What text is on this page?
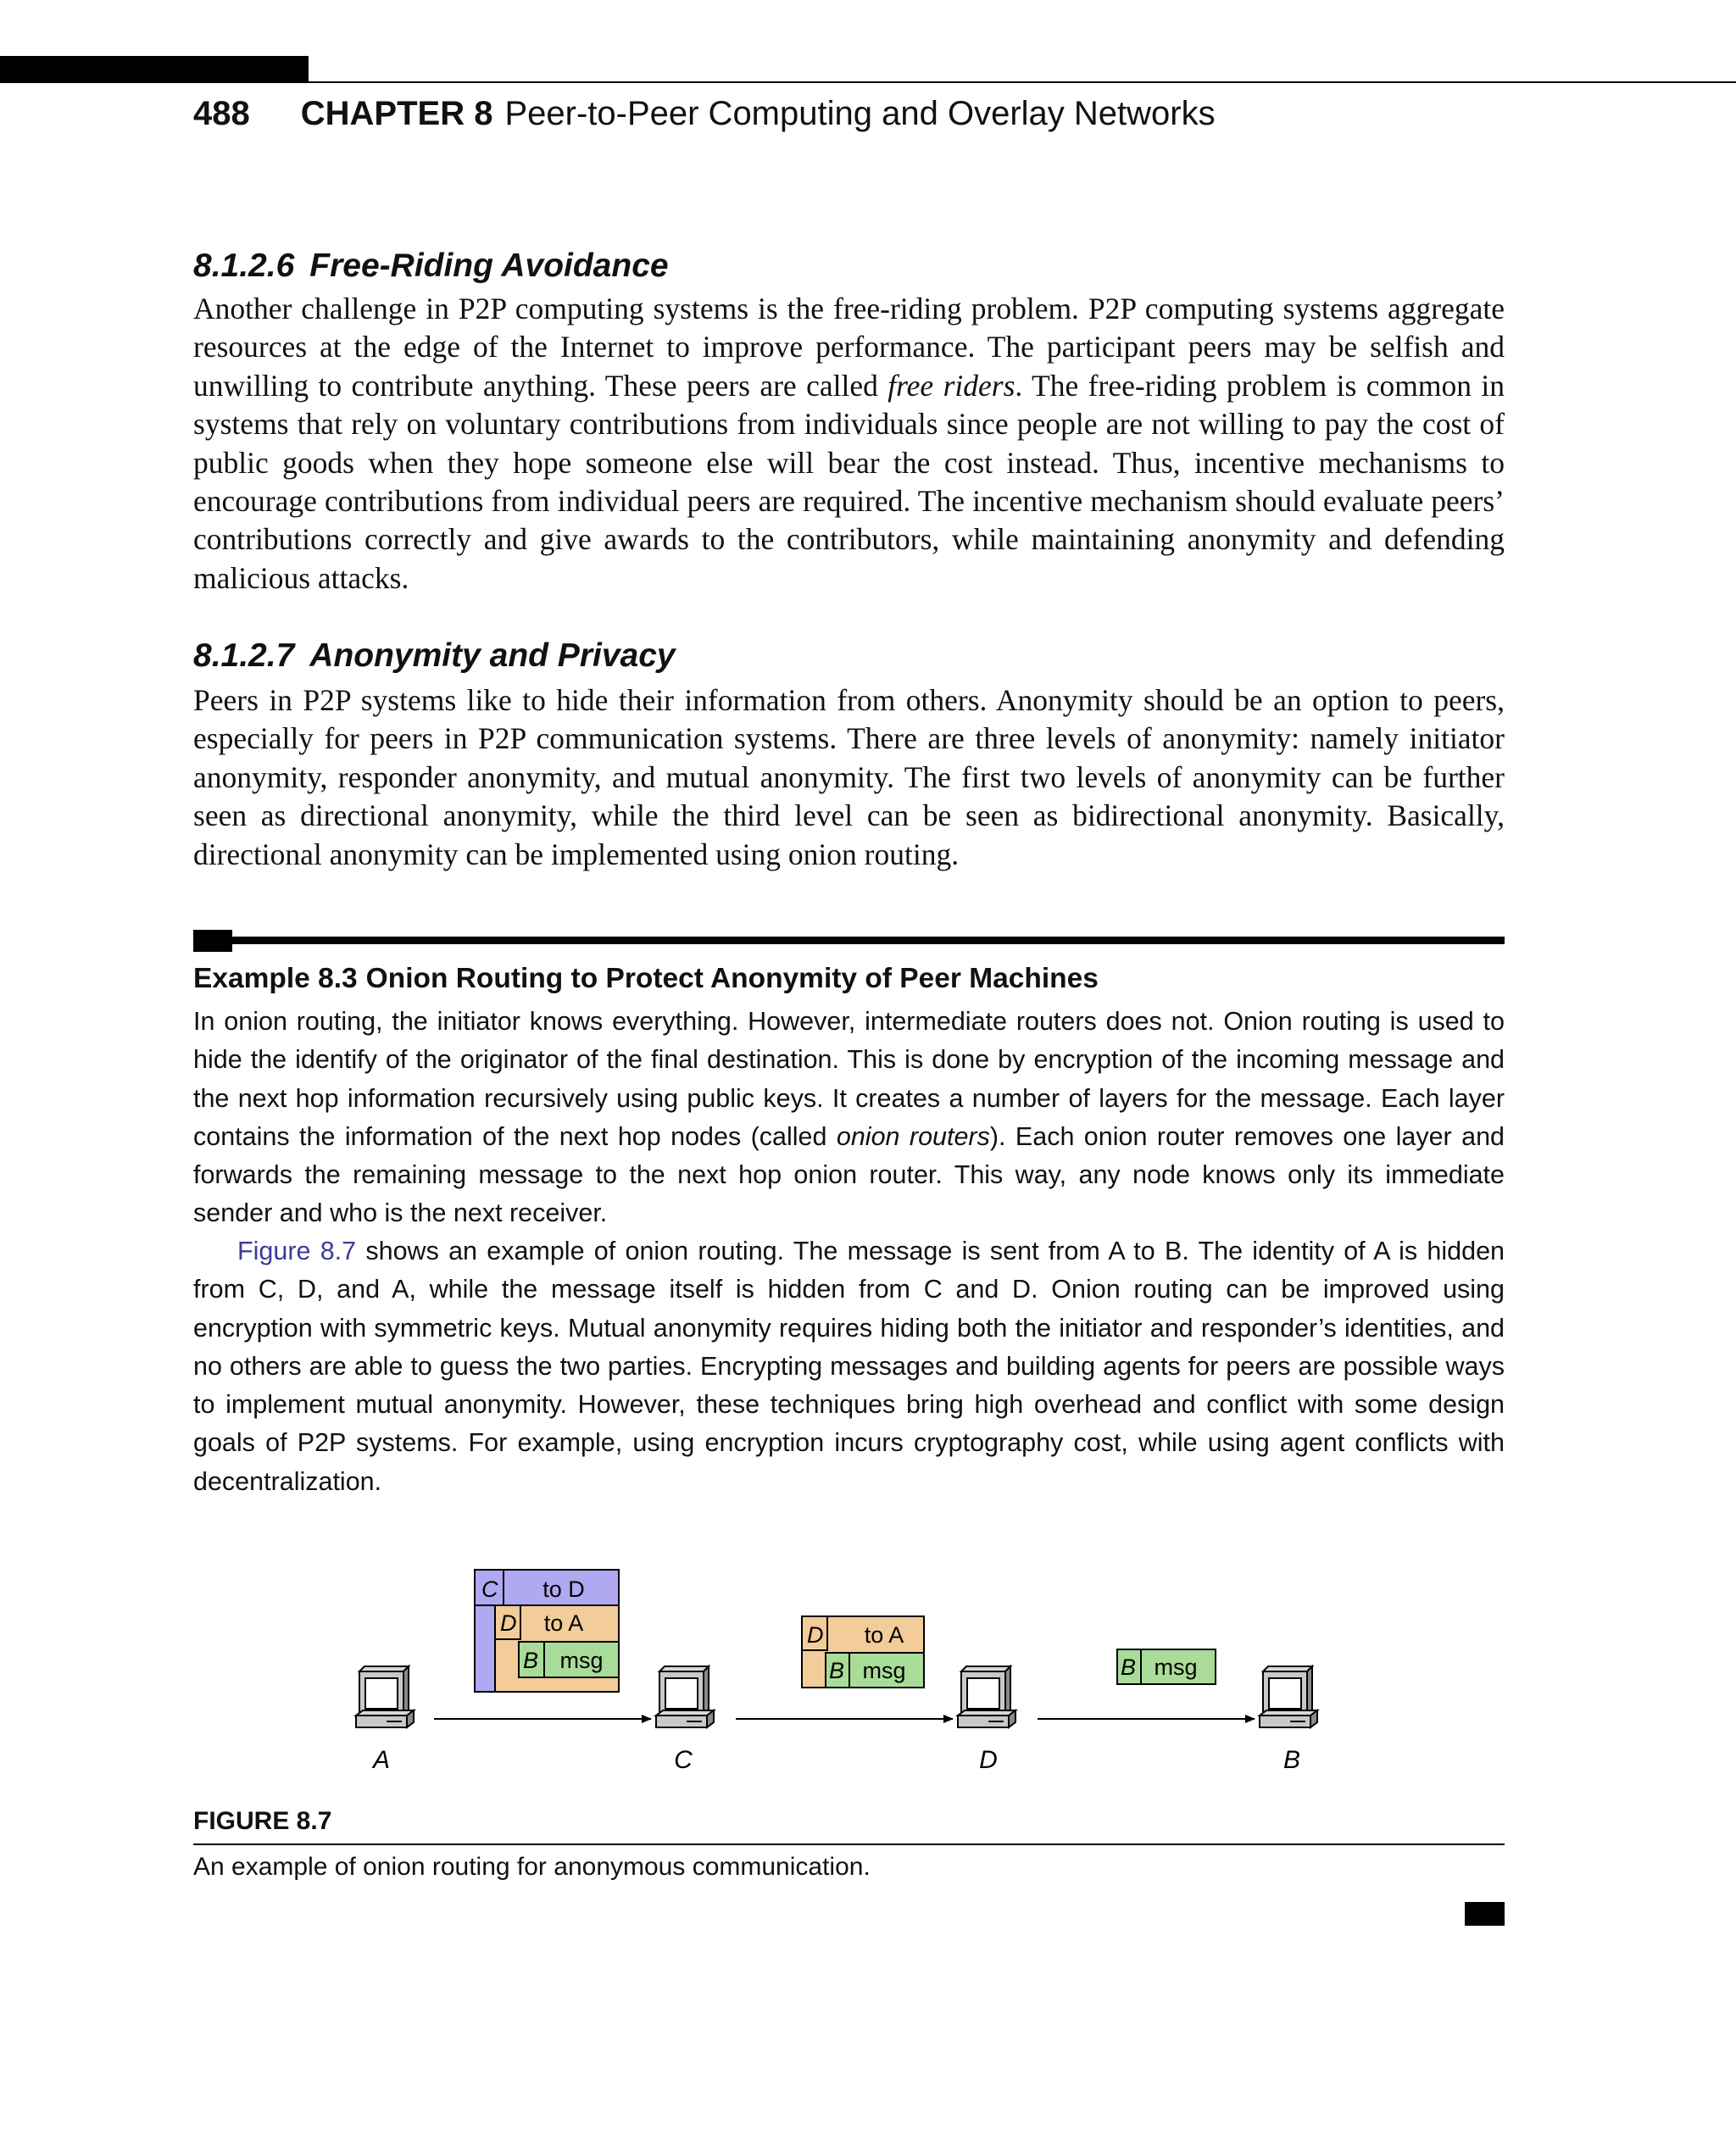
488 CHAPTER 8 Peer-to-Peer Computing and Overlay Networks
8.1.2.6 Free-Riding Avoidance

Another challenge in P2P computing systems is the free-riding problem. P2P computing systems aggregate resources at the edge of the Internet to improve performance. The participant peers may be selfish and unwilling to contribute anything. These peers are called free riders. The free-riding problem is common in systems that rely on voluntary contributions from individuals since people are not willing to pay the cost of public goods when they hope someone else will bear the cost instead. Thus, incentive mechanisms to encourage contributions from individual peers are required. The incentive mechanism should evaluate peers’ contributions correctly and give awards to the contributors, while maintaining anonymity and defending malicious attacks.

8.1.2.7 Anonymity and Privacy

Peers in P2P systems like to hide their information from others. Anonymity should be an option to peers, especially for peers in P2P communication systems. There are three levels of anonymity: namely initiator anonymity, responder anonymity, and mutual anonymity. The first two levels of anonymity can be further seen as directional anonymity, while the third level can be seen as bidirectional anonymity. Basically, directional anonymity can be implemented using onion routing.

Example 8.3 Onion Routing to Protect Anonymity of Peer Machines

In onion routing, the initiator knows everything. However, intermediate routers does not. Onion routing is used to hide the identify of the originator of the final destination. This is done by encryption of the incoming message and the next hop information recursively using public keys. It creates a number of layers for the message. Each layer contains the information of the next hop nodes (called onion routers). Each onion router removes one layer and forwards the remaining message to the next hop onion router. This way, any node knows only its immediate sender and who is the next receiver.

Figure 8.7 shows an example of onion routing. The message is sent from A to B. The identity of A is hidden from C, D, and A, while the message itself is hidden from C and D. Onion routing can be improved using encryption with symmetric keys. Mutual anonymity requires hiding both the initiator and responder’s identities, and no others are able to guess the two parties. Encrypting messages and building agents for peers are possible ways to implement mutual anonymity. However, these techniques bring high overhead and conflict with some design goals of P2P systems. For example, using encryption incurs cryptography cost, while using agent conflicts with decentralization.

A	C	D	B
C to D
D to A
B msg
D to A
B msg	B msg
FIGURE 8.7
An example of onion routing for anonymous communication.
